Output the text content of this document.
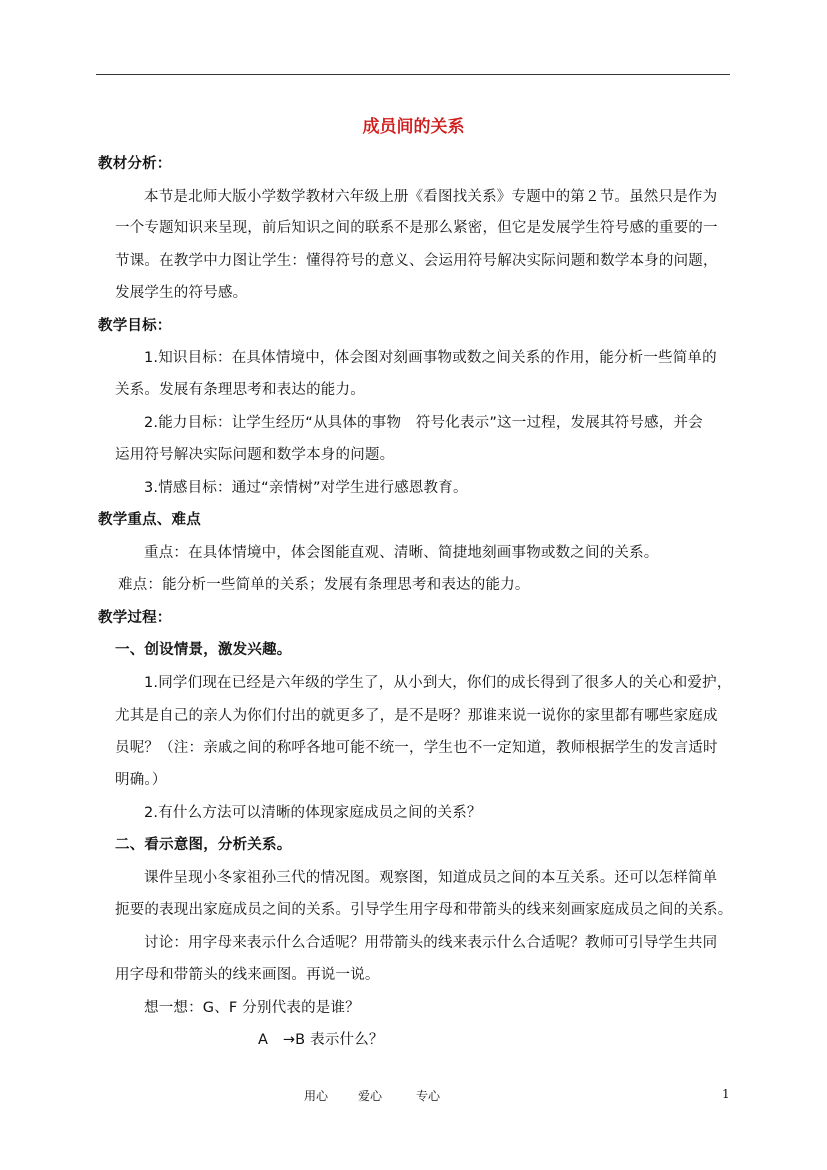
成员间的关系
教材分析：
本节是北师大版小学数学教材六年级上册《看图找关系》专题中的第２节。虽然只是作为
一个专题知识来呈现，前后知识之间的联系不是那么紧密，但它是发展学生符号感的重要的一
节课。在教学中力图让学生：懂得符号的意义、会运用符号解决实际问题和数学本身的问题，
发展学生的符号感。
教学目标：
1.知识目标：在具体情境中，体会图对刻画事物或数之间关系的作用，能分析一些简单的
关系。发展有条理思考和表达的能力。
2.能力目标：让学生经历“从具体的事物　符号化表示”这一过程，发展其符号感，并会
运用符号解决实际问题和数学本身的问题。
3.情感目标：通过“亲情树”对学生进行感恩教育。
教学重点、难点
重点：在具体情境中，体会图能直观、清晰、简捷地刻画事物或数之间的关系。
难点：能分析一些简单的关系；发展有条理思考和表达的能力。
教学过程：
一、创设情景，激发兴趣。
1.同学们现在已经是六年级的学生了，从小到大，你们的成长得到了很多人的关心和爱护，
尤其是自己的亲人为你们付出的就更多了，是不是呀？那谁来说一说你的家里都有哪些家庭成
员呢？（注：亲戚之间的称呼各地可能不统一，学生也不一定知道，教师根据学生的发言适时
明确。）
2.有什么方法可以清晰的体现家庭成员之间的关系？
二、看示意图，分析关系。
课件呈现小冬家祖孙三代的情况图。观察图，知道成员之间的本互关系。还可以怎样简单
扼要的表现出家庭成员之间的关系。引导学生用字母和带箭头的线来刻画家庭成员之间的关系。
讨论：用字母来表示什么合适呢？用带箭头的线来表示什么合适呢？教师可引导学生共同
用字母和带箭头的线来画图。再说一说。
想一想：G、F 分别代表的是谁？
A　→B 表示什么？
用心 爱心	专心	1
